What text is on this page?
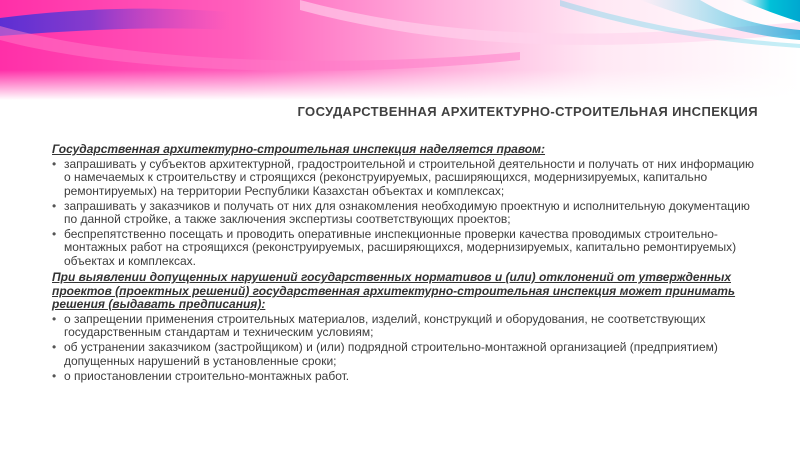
ГОСУДАРСТВЕННАЯ АРХИТЕКТУРНО-СТРОИТЕЛЬНАЯ ИНСПЕКЦИЯ

Государственная архитектурно-строительная инспекция наделяется правом:

• запрашивать у субъектов архитектурной, градостроительной и строительной деятельности и получать от них информацию о намечаемых к строительству и строящихся (реконструируемых, расширяющихся, модернизируемых, капитально ремонтируемых) на территории Республики Казахстан объектах и комплексах;
• запрашивать у заказчиков и получать от них для ознакомления необходимую проектную и исполнительную документацию по данной стройке, а также заключения экспертизы соответствующих проектов;
• беспрепятственно посещать и проводить оперативные инспекционные проверки качества проводимых строительно-монтажных работ на строящихся (реконструируемых, расширяющихся, модернизируемых, капитально ремонтируемых) объектах и комплексах.

При выявлении допущенных нарушений государственных нормативов и (или) отклонений от утвержденных проектов (проектных решений) государственная архитектурно-строительная инспекция может принимать решения (выдавать предписания):

• о запрещении применения строительных материалов, изделий, конструкций и оборудования, не соответствующих государственным стандартам и техническим условиям;
• об устранении заказчиком (застройщиком) и (или) подрядной строительно-монтажной организацией (предприятием) допущенных нарушений в установленные сроки;
• о приостановлении строительно-монтажных работ.
